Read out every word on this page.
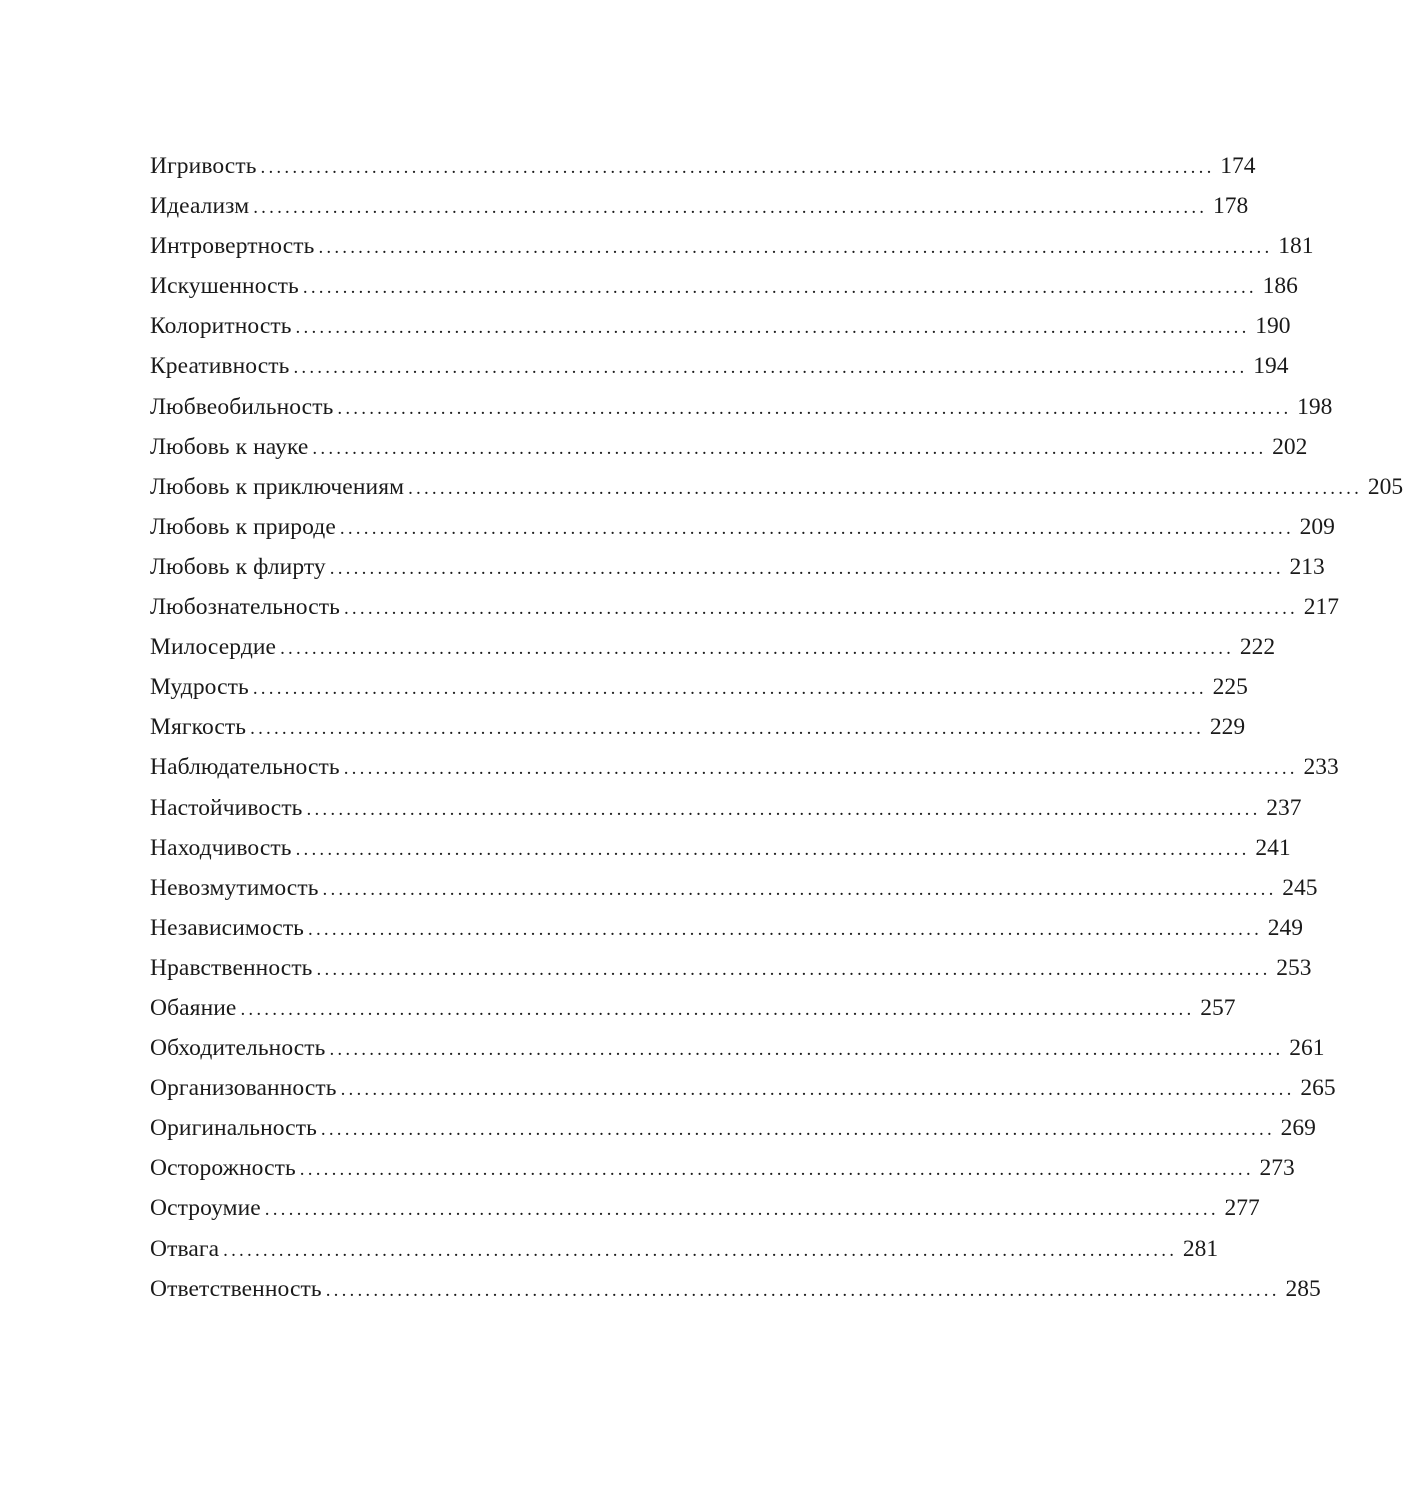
Игривость ........................................................................................................................ 174
Идеализм ........................................................................................................................ 178
Интровертность ........................................................................................................................ 181
Искушенность ........................................................................................................................ 186
Колоритность ........................................................................................................................ 190
Креативность ........................................................................................................................ 194
Любвеобильность ........................................................................................................................ 198
Любовь к науке ........................................................................................................................ 202
Любовь к приключениям ........................................................................................................................ 205
Любовь к природе ........................................................................................................................ 209
Любовь к флирту ........................................................................................................................ 213
Любознательность ........................................................................................................................ 217
Милосердие ........................................................................................................................ 222
Мудрость ........................................................................................................................ 225
Мягкость ........................................................................................................................ 229
Наблюдательность ........................................................................................................................ 233
Настойчивость ........................................................................................................................ 237
Находчивость ........................................................................................................................ 241
Невозмутимость ........................................................................................................................ 245
Независимость ........................................................................................................................ 249
Нравственность ........................................................................................................................ 253
Обаяние ........................................................................................................................ 257
Обходительность ........................................................................................................................ 261
Организованность ........................................................................................................................ 265
Оригинальность ........................................................................................................................ 269
Осторожность ........................................................................................................................ 273
Остроумие ........................................................................................................................ 277
Отвага ........................................................................................................................ 281
Ответственность ........................................................................................................................ 285
